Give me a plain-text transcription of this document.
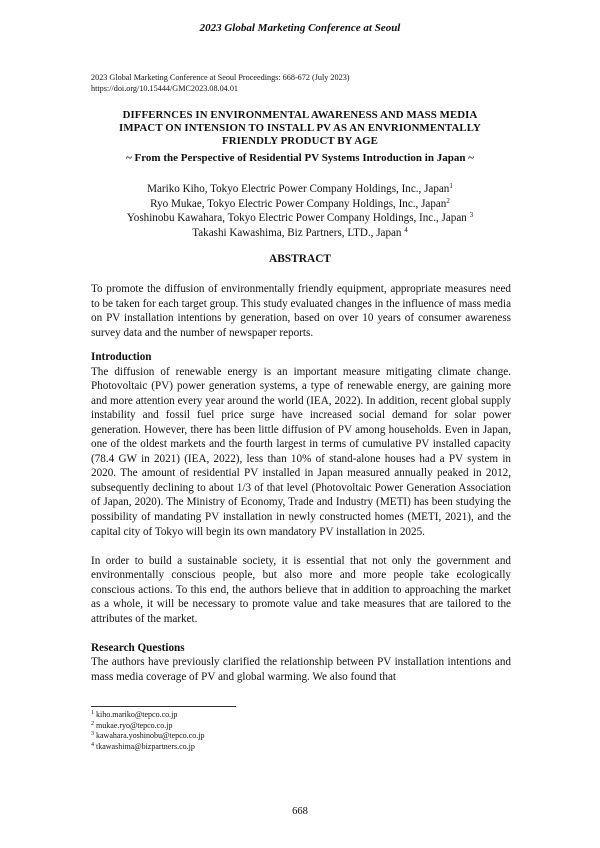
2023 Global Marketing Conference at Seoul
2023 Global Marketing Conference at Seoul Proceedings: 668-672 (July 2023)
https://doi.org/10.15444/GMC2023.08.04.01
DIFFERNCES IN ENVIRONMENTAL AWARENESS AND MASS MEDIA
IMPACT ON INTENSION TO INSTALL PV AS AN ENVRIONMENTALLY
FRIENDLY PRODUCT BY AGE
~ From the Perspective of Residential PV Systems Introduction in Japan ~
Mariko Kiho, Tokyo Electric Power Company Holdings, Inc., Japan$^1$
Ryo Mukae, Tokyo Electric Power Company Holdings, Inc., Japan$^2$
Yoshinobu Kawahara, Tokyo Electric Power Company Holdings, Inc., Japan $^3$
Takashi Kawashima, Biz Partners, LTD., Japan $^4$
ABSTRACT

To promote the diffusion of environmentally friendly equipment, appropriate measures need to be taken for each target group. This study evaluated changes in the influence of mass media on PV installation intentions by generation, based on over 10 years of consumer awareness survey data and the number of newspaper reports.

Introduction

The diffusion of renewable energy is an important measure mitigating climate change. Photovoltaic (PV) power generation systems, a type of renewable energy, are gaining more and more attention every year around the world (IEA, 2022). In addition, recent global supply instability and fossil fuel price surge have increased social demand for solar power generation. However, there has been little diffusion of PV among households. Even in Japan, one of the oldest markets and the fourth largest in terms of cumulative PV installed capacity (78.4 GW in 2021) (IEA, 2022), less than 10% of stand-alone houses had a PV system in 2020. The amount of residential PV installed in Japan measured annually peaked in 2012, subsequently declining to about 1/3 of that level (Photovoltaic Power Generation Association of Japan, 2020). The Ministry of Economy, Trade and Industry (METI) has been studying the possibility of mandating PV installation in newly constructed homes (METI, 2021), and the capital city of Tokyo will begin its own mandatory PV installation in 2025.

In order to build a sustainable society, it is essential that not only the government and environmentally conscious people, but also more and more people take ecologically conscious actions. To this end, the authors believe that in addition to approaching the market as a whole, it will be necessary to promote value and take measures that are tailored to the attributes of the market.

Research Questions

The authors have previously clarified the relationship between PV installation intentions and mass media coverage of PV and global warming. We also found that

$^1$ kiho.mariko@tepco.co.jp
$^2$ mukae.ryo@tepco.co.jp
$^3$ kawahara.yoshinobu@tepco.co.jp
$^4$ tkawashima@bizpartners.co.jp
668
